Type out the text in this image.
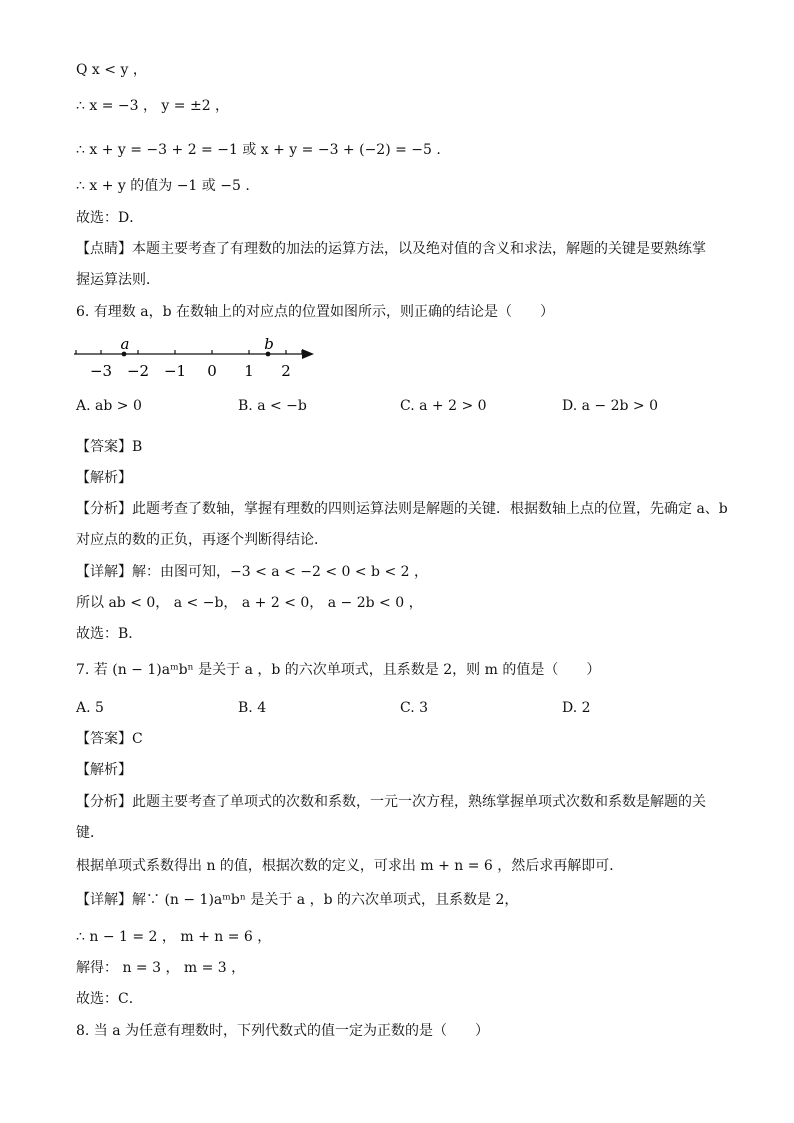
Q x < y ，
∴ x = −3 ， y = ±2 ，
∴ x + y = −3 + 2 = −1 或 x + y = −3 + (−2) = −5 .
∴ x + y 的值为 −1 或 −5 .
故选：D．
【点睛】本题主要考查了有理数的加法的运算方法，以及绝对值的含义和求法，解题的关键是要熟练掌
握运算法则．
6. 有理数 a，b 在数轴上的对应点的位置如图所示，则正确的结论是（　　）
−3 −2 −1 0 1 2
a	b
A. ab > 0	B. a < −b	C. a + 2 > 0	D. a − 2b > 0
【答案】B
【解析】
【分析】此题考查了数轴，掌握有理数的四则运算法则是解题的关键．根据数轴上点的位置，先确定 a、b
对应点的数的正负，再逐个判断得结论．
【详解】解：由图可知，−3 < a < −2 < 0 < b < 2 ，
所以 ab < 0， a < −b， a + 2 < 0， a − 2b < 0 ，
故选：B．
7. 若 (n − 1)aᵐbⁿ 是关于 a ，b 的六次单项式，且系数是 2，则 m 的值是（　　）
A. 5	B. 4	C. 3	D. 2
【答案】C
【解析】
【分析】此题主要考查了单项式的次数和系数，一元一次方程，熟练掌握单项式次数和系数是解题的关
键．
根据单项式系数得出 n 的值，根据次数的定义，可求出 m + n = 6 ，然后求再解即可．
【详解】解∵ (n − 1)aᵐbⁿ 是关于 a ，b 的六次单项式，且系数是 2，
∴ n − 1 = 2 ， m + n = 6 ，
解得： n = 3 ， m = 3 ，
故选：C．
8. 当 a 为任意有理数时，下列代数式的值一定为正数的是（　　）
